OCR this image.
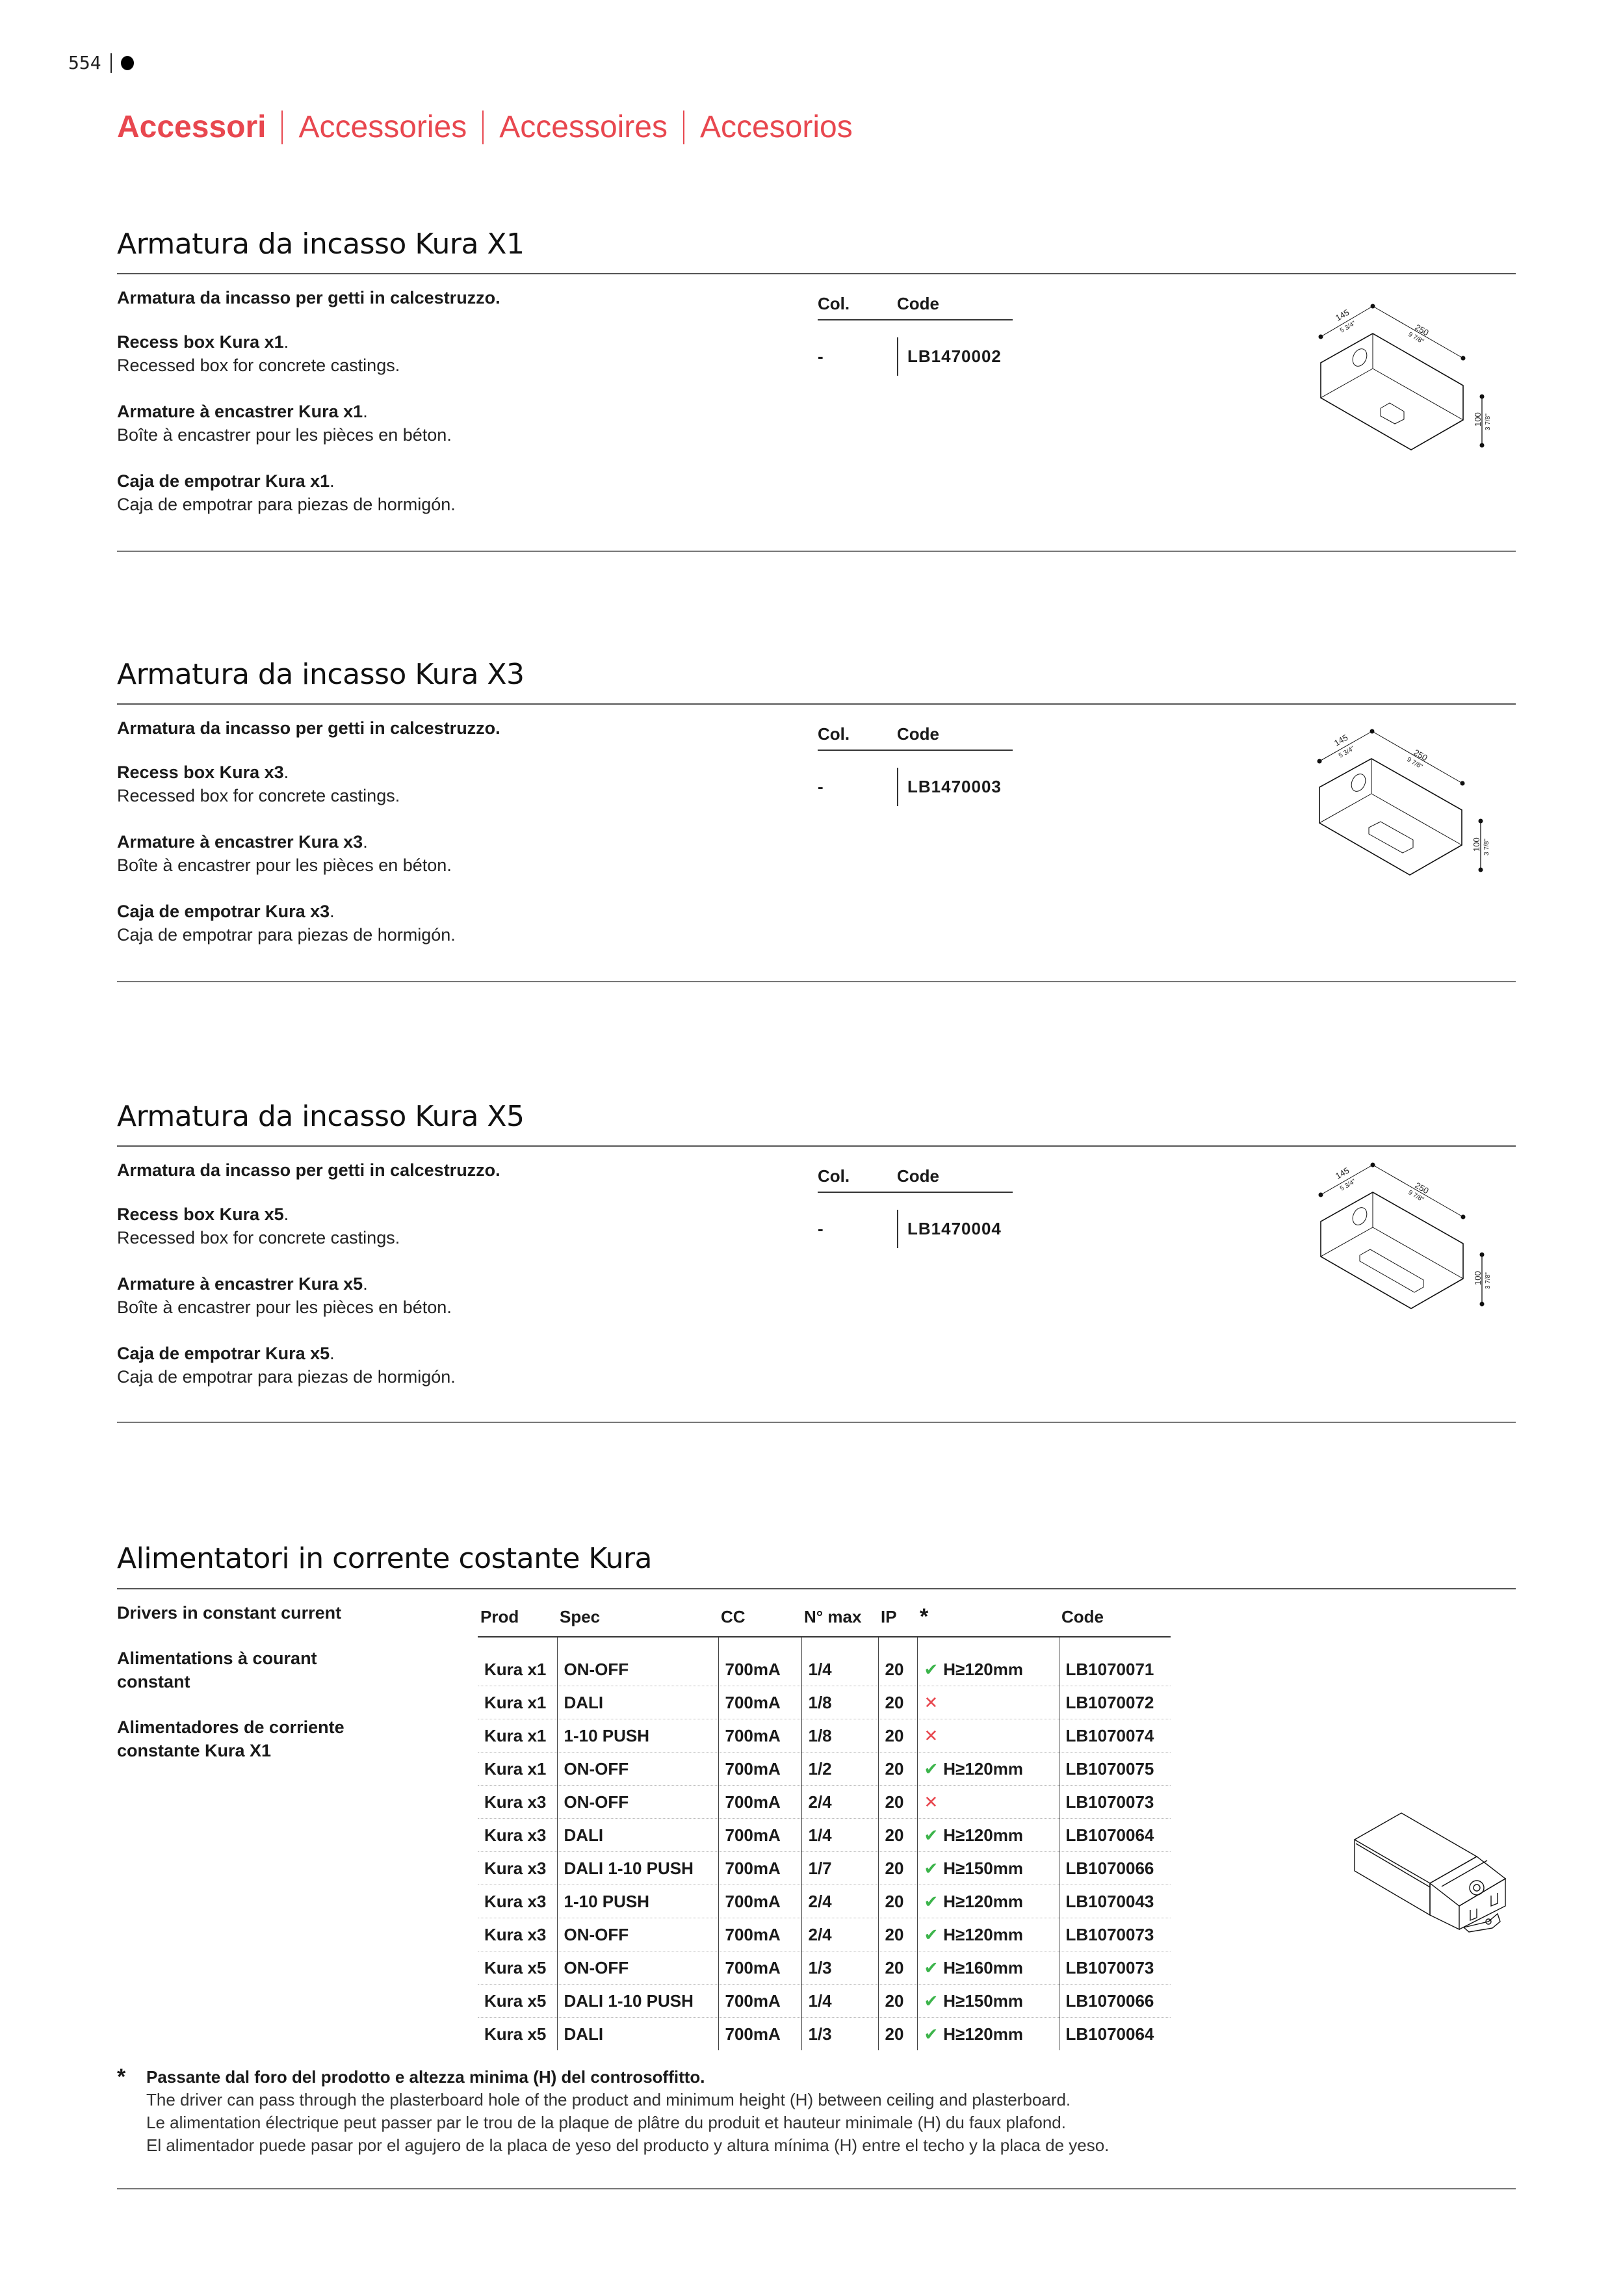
554
Accessori Accessories Accessoires Accesorios
Armatura da incasso Kura X1
Armatura da incasso per getti in calcestruzzo.
Recess box Kura x1.
Recessed box for concrete castings.
Armature à encastrer Kura x1.
Boîte à encastrer pour les pièces en béton.
Caja de empotrar Kura x1.
Caja de empotrar para piezas de hormigón.
Col.	Code
-	LB1470002
145
5 3/4"	250
9 7/8"
100 3 7/8"
Armatura da incasso Kura X3
Armatura da incasso per getti in calcestruzzo.
Recess box Kura x3.
Recessed box for concrete castings.
Armature à encastrer Kura x3.
Boîte à encastrer pour les pièces en béton.
Caja de empotrar Kura x3.
Caja de empotrar para piezas de hormigón.
Col.	Code
-	LB1470003
145
5 3/4"	250
9 7/8"
100 3 7/8"
Armatura da incasso Kura X5
Armatura da incasso per getti in calcestruzzo.
Recess box Kura x5.
Recessed box for concrete castings.
Armature à encastrer Kura x5.
Boîte à encastrer pour les pièces en béton.
Caja de empotrar Kura x5.
Caja de empotrar para piezas de hormigón.
Col.	Code
-	LB1470004
145
5 3/4"	250
9 7/8"
100 3 7/8"
Alimentatori in corrente costante Kura
Drivers in constant current
Alimentations à courant constant
Alimentadores de corriente constante Kura X1
Prod	Spec	CC	N° max	IP	*	Code

Kura x1	ON-OFF	700mA	1/4	20	✔ H≥120mm	LB1070071
Kura x1	DALI	700mA	1/8	20	✕	LB1070072
Kura x1	1-10 PUSH	700mA	1/8	20	✕	LB1070074
Kura x1	ON-OFF	700mA	1/2	20	✔ H≥120mm	LB1070075
Kura x3	ON-OFF	700mA	2/4	20	✕	LB1070073
Kura x3	DALI	700mA	1/4	20	✔ H≥120mm	LB1070064
Kura x3	DALI 1-10 PUSH	700mA	1/7	20	✔ H≥150mm	LB1070066
Kura x3	1-10 PUSH	700mA	2/4	20	✔ H≥120mm	LB1070043
Kura x3	ON-OFF	700mA	2/4	20	✔ H≥120mm	LB1070073
Kura x5	ON-OFF	700mA	1/3	20	✔ H≥160mm	LB1070073
Kura x5	DALI 1-10 PUSH	700mA	1/4	20	✔ H≥150mm	LB1070066
Kura x5	DALI	700mA	1/3	20	✔ H≥120mm	LB1070064
* Passante dal foro del prodotto e altezza minima (H) del controsoffitto.
The driver can pass through the plasterboard hole of the product and minimum height (H) between ceiling and plasterboard.
Le alimentation électrique peut passer par le trou de la plaque de plâtre du produit et hauteur minimale (H) du faux plafond.
El alimentador puede pasar por el agujero de la placa de yeso del producto y altura mínima (H) entre el techo y la placa de yeso.
